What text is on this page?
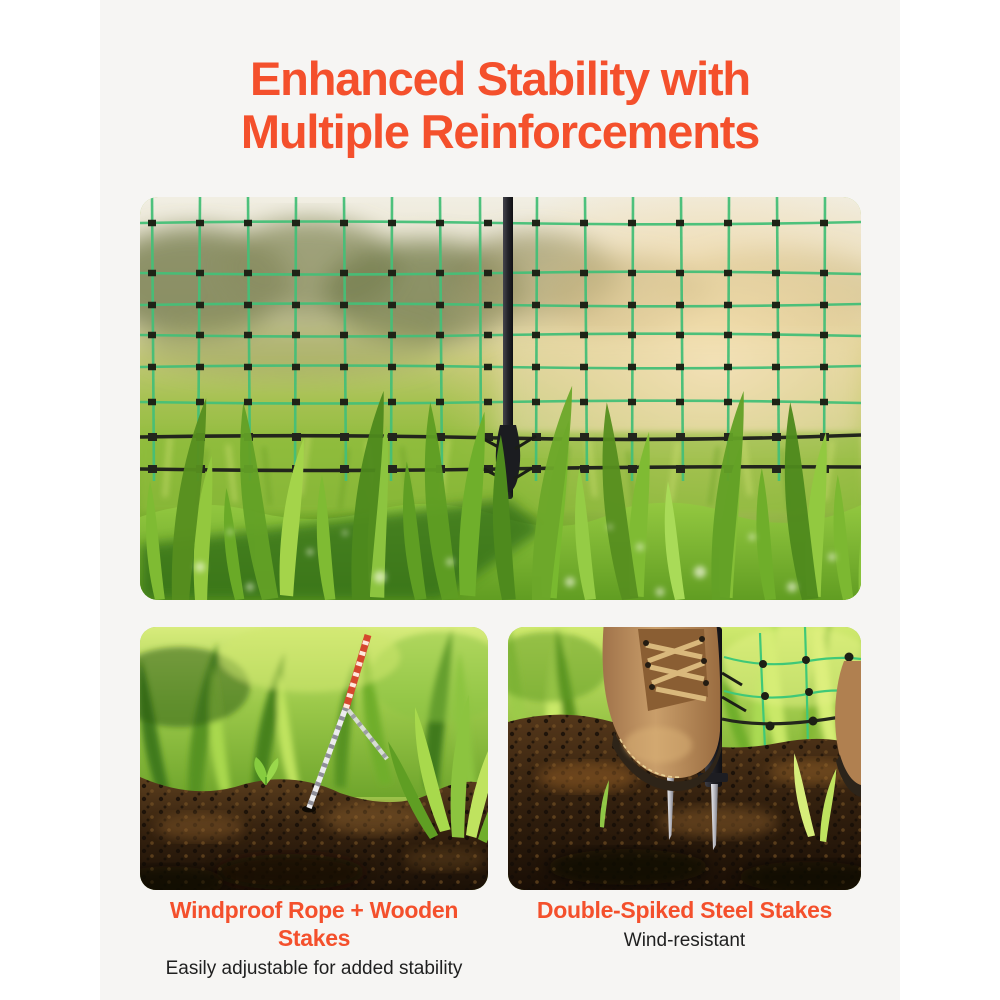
Enhanced Stability with
Multiple Reinforcements
Windproof Rope + Wooden Stakes
Easily adjustable for added stability
Double-Spiked Steel Stakes
Wind-resistant
